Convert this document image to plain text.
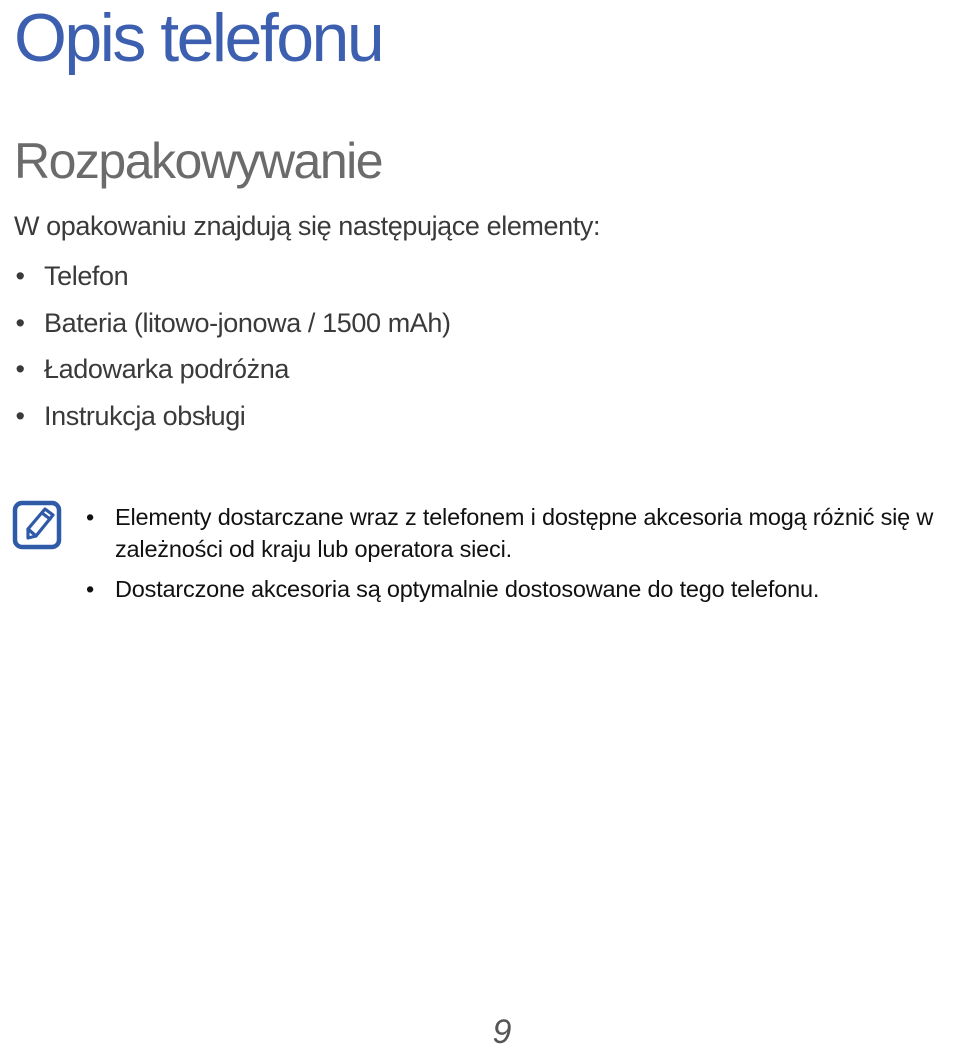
Opis telefonu
Rozpakowywanie

W opakowaniu znajdują się następujące elementy:

• Telefon
• Bateria (litowo-jonowa / 1500 mAh)
• Ładowarka podróżna
• Instrukcja obsługi
• Elementy dostarczane wraz z telefonem i dostępne akcesoria mogą różnić się w zależności od kraju lub operatora sieci.
• Dostarczone akcesoria są optymalnie dostosowane do tego telefonu.
9
